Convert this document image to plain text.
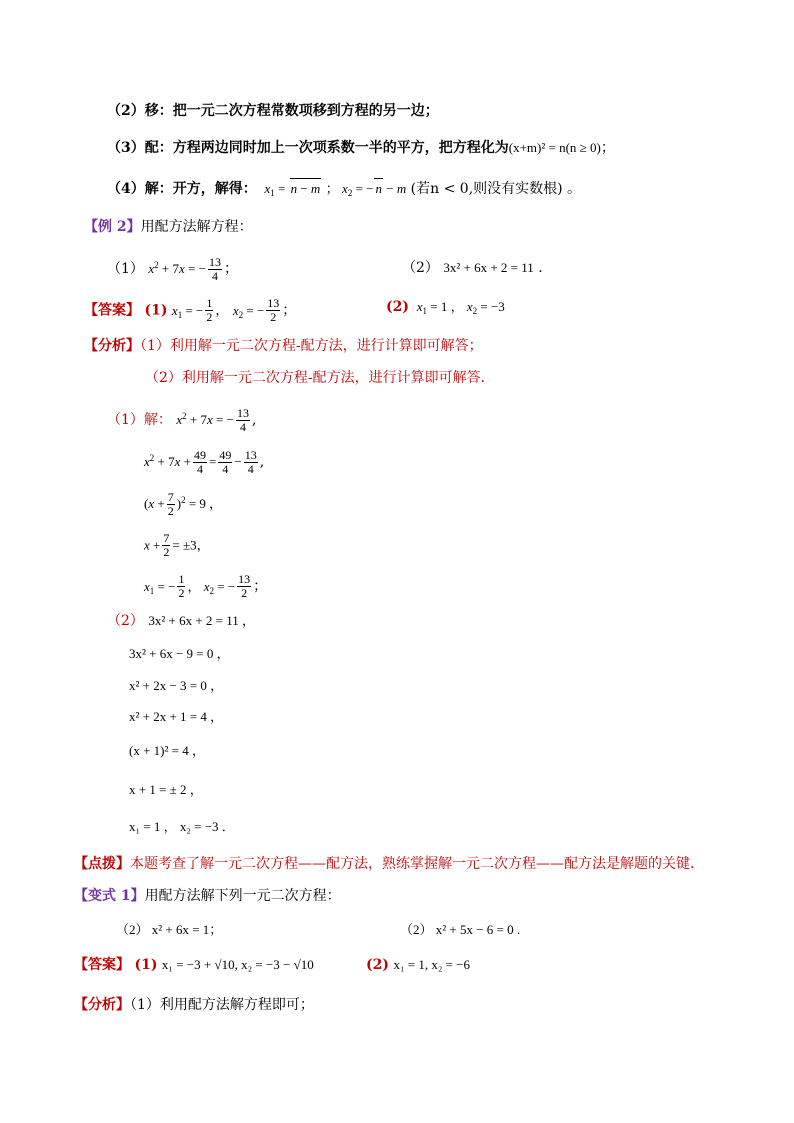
（2）移：把一元二次方程常数项移到方程的另一边；
（3）配：方程两边同时加上一次项系数一半的平方，把方程化为(x+m)² = n(n ≥ 0)；
（4）解：开方，解得： $x_1 = n - m$ ； $x_2$ = − n − m (若n < 0,则没有实数根) 。
【例 2】用配方法解方程：
（1） $x^2 + 7x$ = − $\frac{13}{4}$ ；	（2） 3x² + 6x + 2 = 11 .
【答案】 (1) $x_1$ = − $\frac{1}{2}$ ， $x_2$ = − $\frac{13}{2}$ ；	(2) $x_1 = 1$ ， $x_2 = -3$
【分析】（1）利用解一元二次方程-配方法，进行计算即可解答；
（2）利用解一元二次方程-配方法，进行计算即可解答．
（1）解： $x^2 + 7x$ = − $\frac{13}{4}$ ,
$x^2 + 7x + \frac{49}{4} = \frac{49}{4} - \frac{13}{4}$ ,
$(x + \frac{7}{2} )^2 = 9$ ，
$x + \frac{7}{2} = \pm 3$，
$x_1$ = − $\frac{1}{2}$ ， $x_2$ = − $\frac{13}{2}$ ；
（2） 3x² + 6x + 2 = 11 ，
3x² + 6x − 9 = 0 ，
x² + 2x − 3 = 0 ，
x² + 2x + 1 = 4 ，
(x + 1)² = 4 ，
x + 1 = ± 2 ，
x₁ = 1 ， x₂ = −3 ．
【点拨】本题考查了解一元二次方程——配方法，熟练掌握解一元二次方程——配方法是解题的关键．
【变式 1】用配方法解下列一元二次方程：
（2） x² + 6x = 1；	（2） x² + 5x − 6 = 0 .
【答案】 (1) x₁ = −3 + √10, x₂ = −3 − √10	(2) x₁ = 1, x₂ = −6
【分析】（1）利用配方法解方程即可；
